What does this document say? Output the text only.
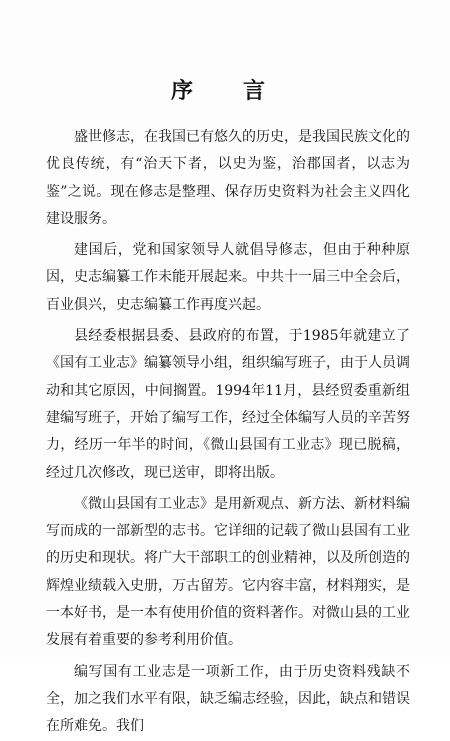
序　言

盛世修志，在我国已有悠久的历史，是我国民族文化的优良传统，有“治天下者，以史为鉴，治郡国者，以志为鉴”之说。现在修志是整理、保存历史资料为社会主义四化建设服务。

建国后，党和国家领导人就倡导修志，但由于种种原因，史志编纂工作未能开展起来。中共十一届三中全会后，百业俱兴，史志编纂工作再度兴起。

县经委根据县委、县政府的布置，于1985年就建立了《国有工业志》编纂领导小组，组织编写班子，由于人员调动和其它原因，中间搁置。1994年11月，县经贸委重新组建编写班子，开始了编写工作，经过全体编写人员的辛苦努力，经历一年半的时间，《微山县国有工业志》现已脱稿，经过几次修改，现已送审，即将出版。

《微山县国有工业志》是用新观点、新方法、新材料编写而成的一部新型的志书。它详细的记载了微山县国有工业的历史和现状。将广大干部职工的创业精神，以及所创造的辉煌业绩载入史册，万古留芳。它内容丰富，材料翔实，是一本好书，是一本有使用价值的资料著作。对微山县的工业发展有着重要的参考利用价值。

编写国有工业志是一项新工作，由于历史资料残缺不全，加之我们水平有限，缺乏编志经验，因此，缺点和错误在所难免。我们
